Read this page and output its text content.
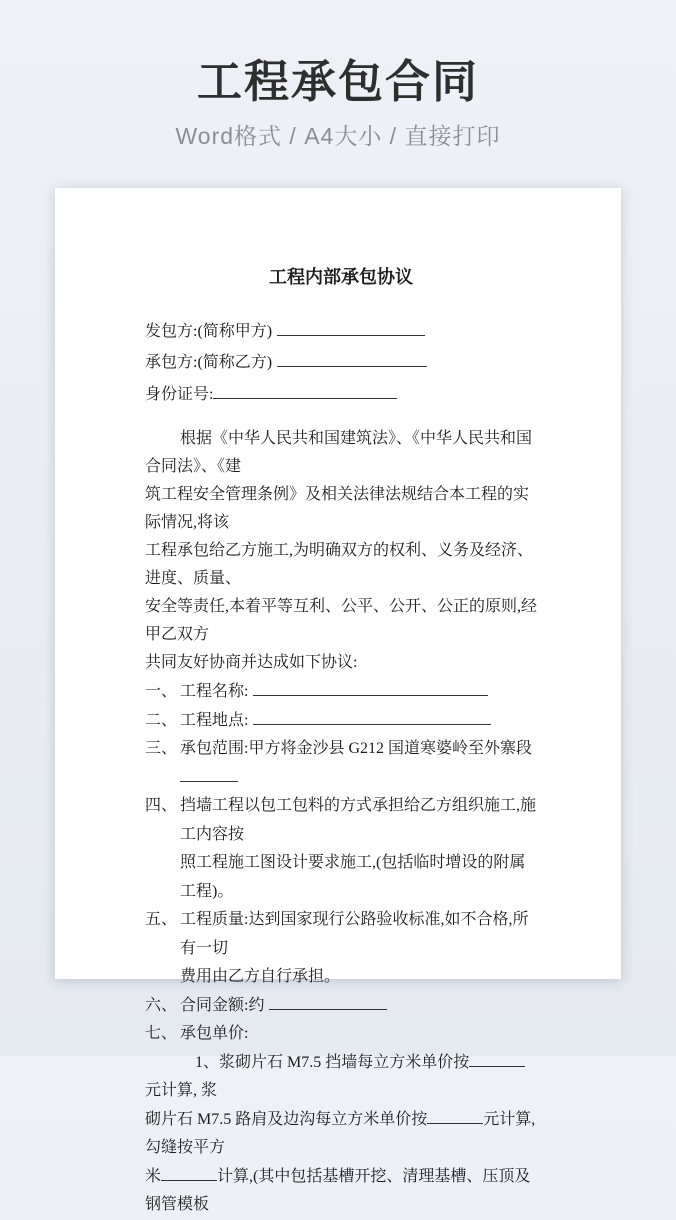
工程承包合同
Word格式 / A4大小 / 直接打印
工程内部承包协议
发包方:(简称甲方)
承包方:(简称乙方)
身份证号:
根据《中华人民共和国建筑法》、《中华人民共和国合同法》、《建
筑工程安全管理条例》及相关法律法规结合本工程的实际情况,将该
工程承包给乙方施工,为明确双方的权利、义务及经济、进度、质量、
安全等责任,本着平等互利、公平、公开、公正的原则,经甲乙双方
共同友好协商并达成如下协议:
一、 工程名称:
二、 工程地点:
三、 承包范围:甲方将金沙县 G212 国道寒婆岭至外寨段
四、 挡墙工程以包工包料的方式承担给乙方组织施工,施工内容按
照工程施工图设计要求施工,(包括临时增设的附属工程)。
五、 工程质量:达到国家现行公路验收标准,如不合格,所有一切
费用由乙方自行承担。
六、 合同金额:约
七、 承包单价:
1、浆砌片石 M7.5 挡墙每立方米单价按元计算, 浆
砌片石 M7.5 路肩及边沟每立方米单价按	元计算,勾缝按平方
米	计算,(其中包括基槽开挖、清理基槽、压顶及钢管模板
